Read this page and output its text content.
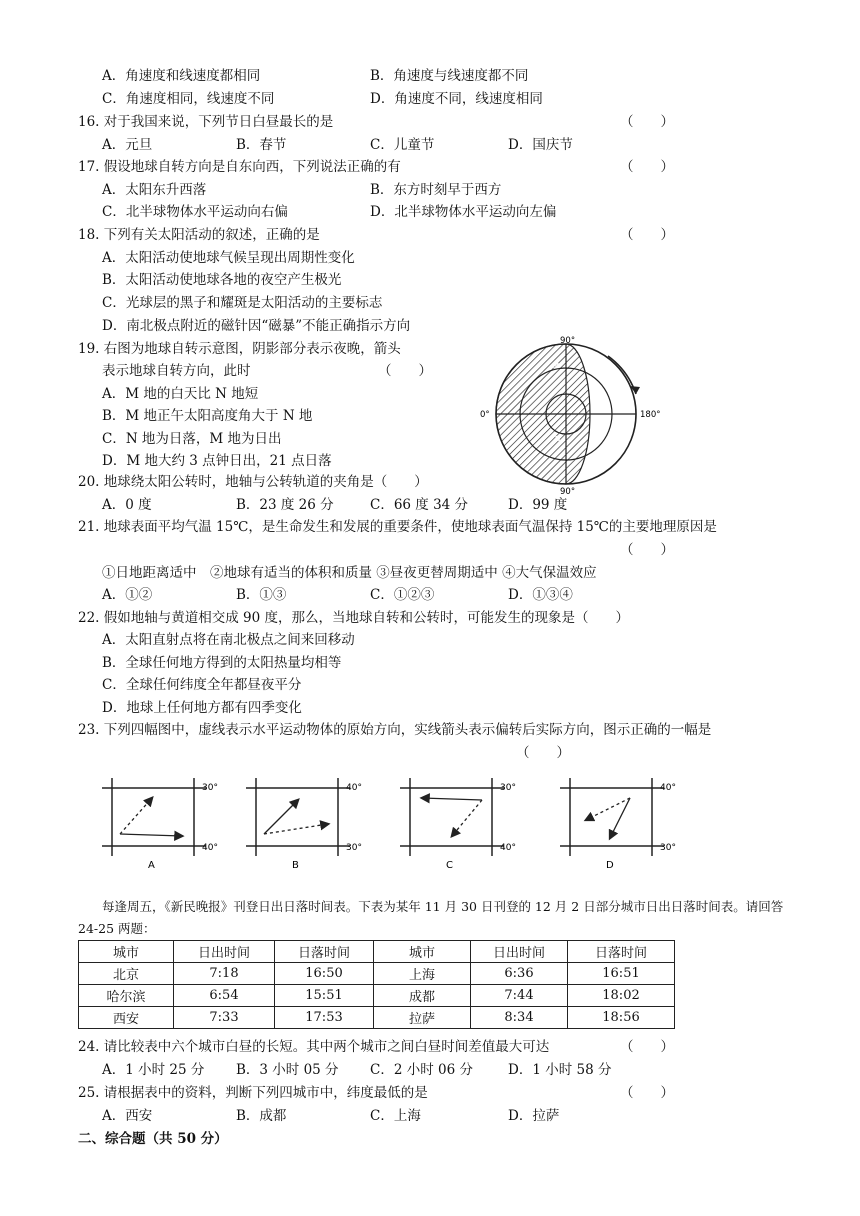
A．角速度和线速度都相同	B．角速度与线速度都不同
C．角速度相同，线速度不同	D．角速度不同，线速度相同
16. 对于我国来说，下列节日白昼最长的是	（　　）
A．元旦	B．春节	C．儿童节	D．国庆节
17. 假设地球自转方向是自东向西，下列说法正确的有	（　　）
A．太阳东升西落	B．东方时刻早于西方
C．北半球物体水平运动向右偏	D．北半球物体水平运动向左偏
18. 下列有关太阳活动的叙述，正确的是	（　　）
A．太阳活动使地球气候呈现出周期性变化
B．太阳活动使地球各地的夜空产生极光
C．光球层的黑子和耀斑是太阳活动的主要标志
D．南北极点附近的磁针因“磁暴”不能正确指示方向
19. 右图为地球自转示意图，阴影部分表示夜晚，箭头
表示地球自转方向，此时	（　　）
A．M 地的白天比 N 地短
B．M 地正午太阳高度角大于 N 地
C．N 地为日落，M 地为日出
D．M 地大约 3 点钟日出，21 点日落
90°
90°
0°	180°
M
N
20. 地球绕太阳公转时，地轴与公转轨道的夹角是（　　）
A．0 度	B．23 度 26 分	C．66 度 34 分	D．99 度
21. 地球表面平均气温 15℃，是生命发生和发展的重要条件，使地球表面气温保持 15℃的主要地理原因是
（　　）
①日地距离适中　②地球有适当的体积和质量 ③昼夜更替周期适中 ④大气保温效应
A．①②	B．①③	C．①②③	D．①③④
22. 假如地轴与黄道相交成 90 度，那么，当地球自转和公转时，可能发生的现象是（　　）
A．太阳直射点将在南北极点之间来回移动
B．全球任何地方得到的太阳热量均相等
C．全球任何纬度全年都昼夜平分
D．地球上任何地方都有四季变化
23. 下列四幅图中，虚线表示水平运动物体的原始方向，实线箭头表示偏转后实际方向，图示正确的一幅是
（　　）
30°
40°
A
40°
30°
B
30°
40°
C
40°
30°
D
每逢周五，《新民晚报》刊登日出日落时间表。下表为某年 11 月 30 日刊登的 12 月 2 日部分城市日出日落时间表。请回答 24-25 两题：
城市	日出时间	日落时间	城市	日出时间	日落时间
北京	7:18	16:50	上海	6:36	16:51
哈尔滨	6:54	15:51	成都	7:44	18:02
西安	7:33	17:53	拉萨	8:34	18:56
24. 请比较表中六个城市白昼的长短。其中两个城市之间白昼时间差值最大可达	（　　）
A．1 小时 25 分 B．3 小时 05 分 C．2 小时 06 分	D．1 小时 58 分
25. 请根据表中的资料，判断下列四城市中，纬度最低的是	（　　）
A．西安	B．成都	C．上海	D．拉萨
二、综合题（共 50 分）
